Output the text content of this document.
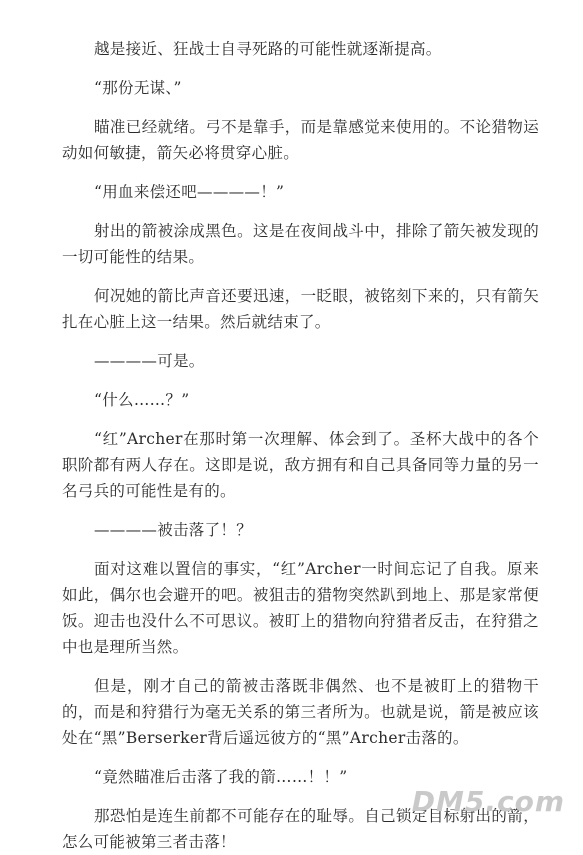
越是接近、狂战士自寻死路的可能性就逐渐提高。

“那份无谋、”

瞄准已经就绪。弓不是靠手，而是靠感觉来使用的。不论猎物运动如何敏捷，箭矢必将贯穿心脏。

“用血来偿还吧————！”

射出的箭被涂成黑色。这是在夜间战斗中，排除了箭矢被发现的一切可能性的结果。

何况她的箭比声音还要迅速，一眨眼，被铭刻下来的，只有箭矢扎在心脏上这一结果。然后就结束了。

————可是。

“什么……？”

“红”Archer在那时第一次理解、体会到了。圣杯大战中的各个职阶都有两人存在。这即是说，敌方拥有和自己具备同等力量的另一名弓兵的可能性是有的。

————被击落了！？

面对这难以置信的事实，“红”Archer一时间忘记了自我。原来如此，偶尔也会避开的吧。被狙击的猎物突然趴到地上、那是家常便饭。迎击也没什么不可思议。被盯上的猎物向狩猎者反击，在狩猎之中也是理所当然。

但是，刚才自己的箭被击落既非偶然、也不是被盯上的猎物干的，而是和狩猎行为毫无关系的第三者所为。也就是说，箭是被应该处在“黑”Berserker背后遥远彼方的“黑”Archer击落的。

“竟然瞄准后击落了我的箭……！！”

那恐怕是连生前都不可能存在的耻辱。自己锁定目标射出的箭，怎么可能被第三者击落！

DM5.com
